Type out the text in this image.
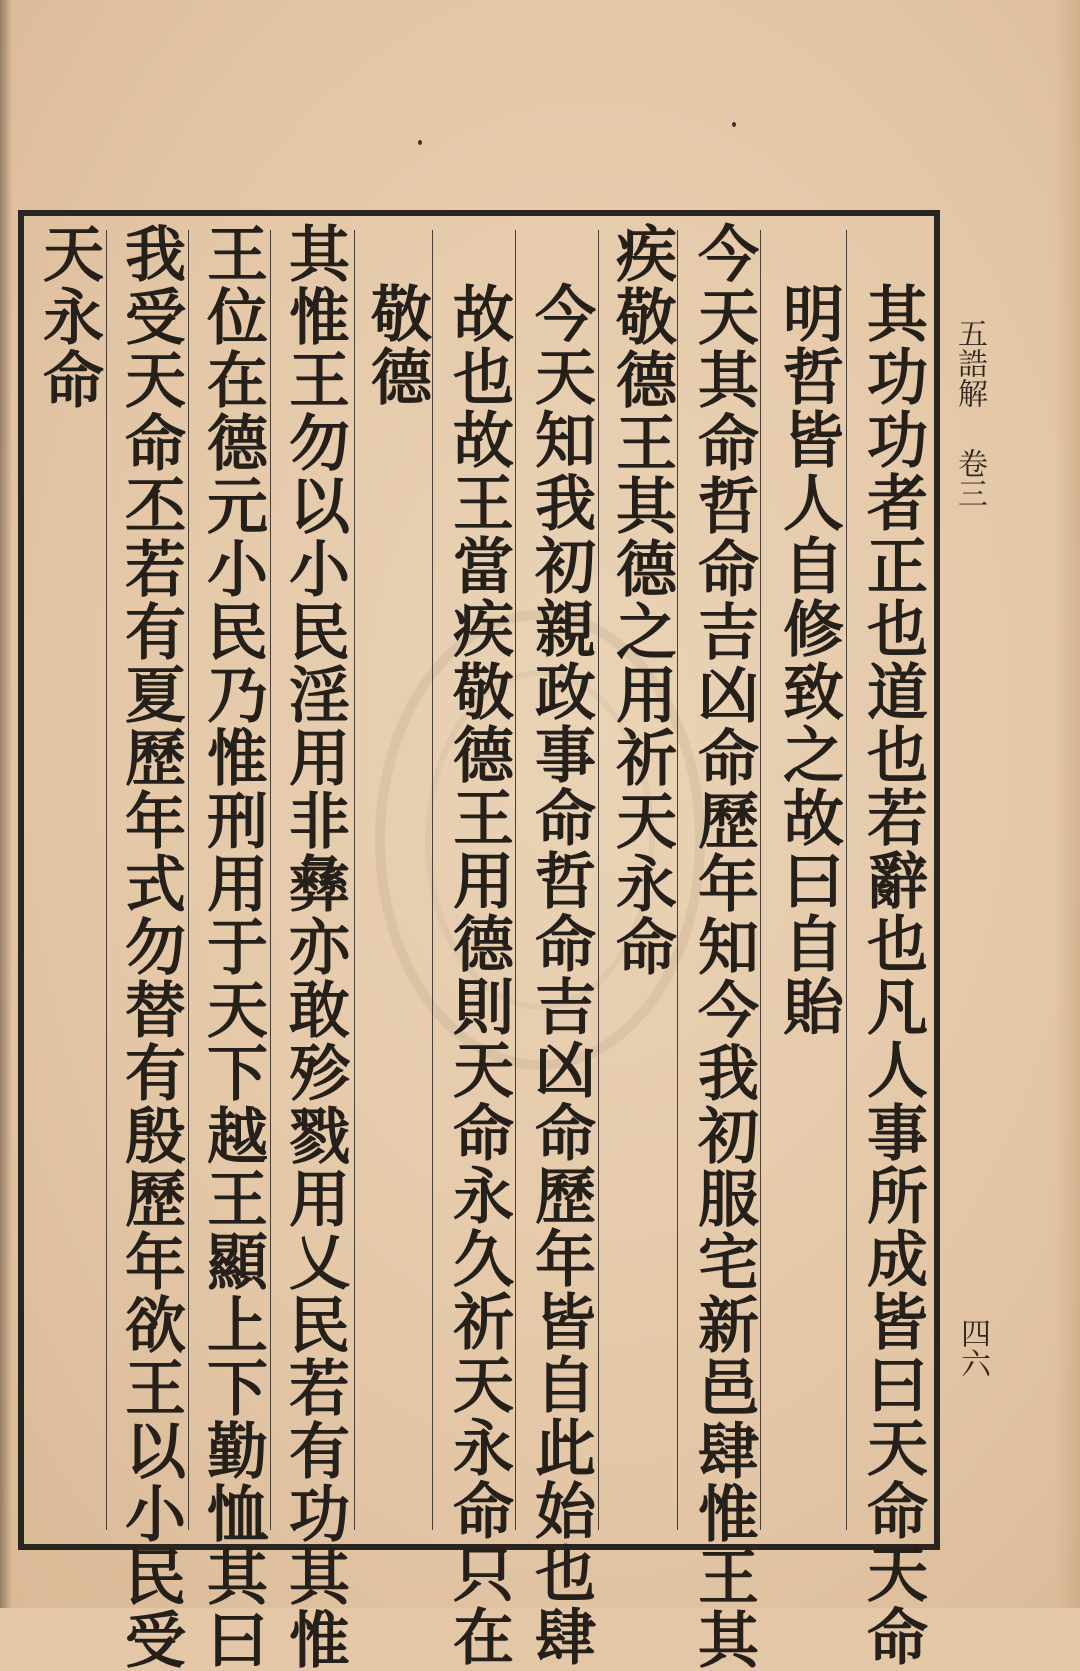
五誥解
卷三
四六
其功功者正也道也若辭也凡人事所成皆曰天命天命
明哲皆人自修致之故曰自貽
今天其命哲命吉凶命歷年知今我初服宅新邑肆惟王其
疾敬德王其德之用祈天永命
今天知我初親政事命哲命吉凶命歷年皆自此始也肆
故也故王當疾敬德王用德則天命永久祈天永命只在
敬德
其惟王勿以小民淫用非彝亦敢殄戮用乂民若有功其惟
王位在德元小民乃惟刑用于天下越王顯上下勤恤其曰
我受天命丕若有夏歷年式勿替有殷歷年欲王以小民受
天永命
